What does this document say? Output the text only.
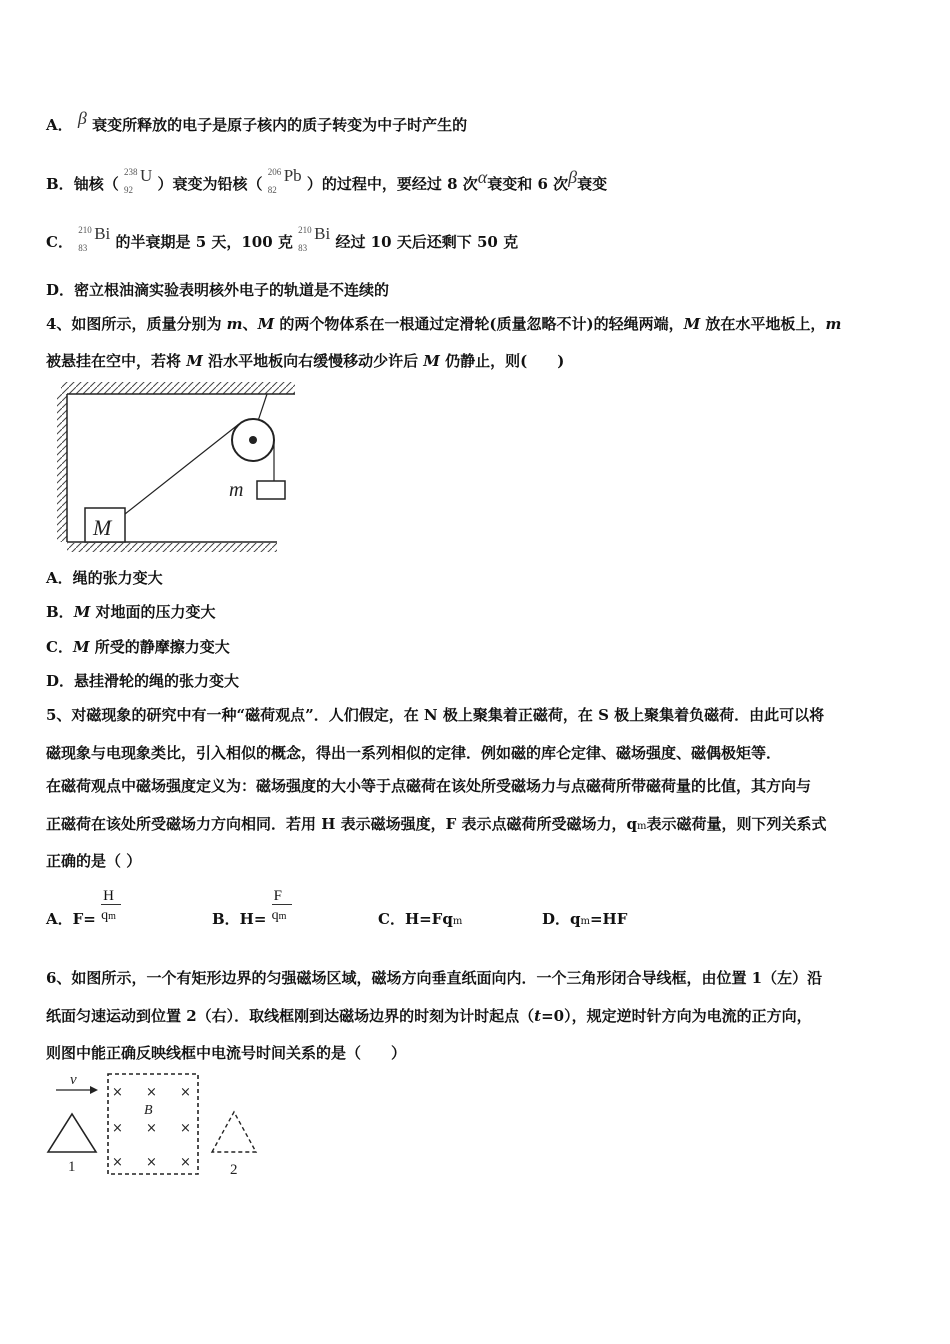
A． β 衰变所释放的电子是原子核内的质子转变为中子时产生的
B．铀核（
238
92
U ）衰变为铅核（
206
82
Pb ）的过程中，要经过 8 次α衰变和 6 次β衰变
C．
210
83
Bi 的半衰期是 5 天，100 克
210
83
Bi 经过 10 天后还剩下 50 克
D．密立根油滴实验表明核外电子的轨道是不连续的
4、如图所示，质量分别为 m、M 的两个物体系在一根通过定滑轮(质量忽略不计)的轻绳两端，M 放在水平地板上，m
被悬挂在空中，若将 M 沿水平地板向右缓慢移动少许后 M 仍静止，则(　　)
m
M
A．绳的张力变大
B．M 对地面的压力变大
C．M 所受的静摩擦力变大
D．悬挂滑轮的绳的张力变大
5、对磁现象的研究中有一种“磁荷观点”．人们假定，在 N 极上聚集着正磁荷，在 S 极上聚集着负磁荷．由此可以将
磁现象与电现象类比，引入相似的概念，得出一系列相似的定律．例如磁的库仑定律、磁场强度、磁偶极矩等．
在磁荷观点中磁场强度定义为：磁场强度的大小等于点磁荷在该处所受磁场力与点磁荷所带磁荷量的比值，其方向与
正磁荷在该处所受磁场力方向相同．若用 H 表示磁场强度，F 表示点磁荷所受磁场力，qm表示磁荷量，则下列关系式
正确的是（ ）
A．$F= \frac{H}{qm}$	B．$H= \frac{F}{qm}$	C．H=Fqm	D．qm=HF
6、如图所示，一个有矩形边界的匀强磁场区域，磁场方向垂直纸面向内．一个三角形闭合导线框，由位置 1（左）沿
纸面匀速运动到位置 2（右）．取线框刚到达磁场边界的时刻为计时起点（t=0），规定逆时针方向为电流的正方向，
则图中能正确反映线框中电流号时间关系的是（　　）
v
1
× × ×
B
× × ×
× × ×	2
